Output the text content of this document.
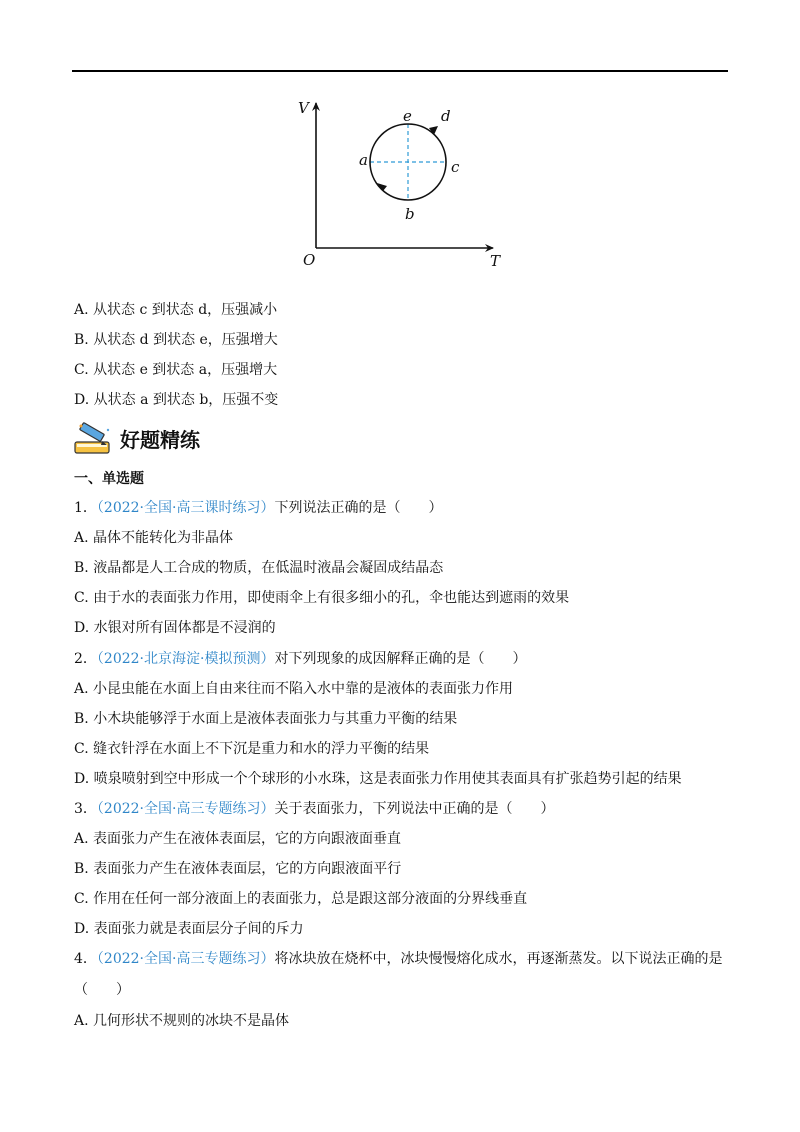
V
O	T
e d
a	c
b
A. 从状态 c 到状态 d，压强减小
B. 从状态 d 到状态 e，压强增大
C. 从状态 e 到状态 a，压强增大
D. 从状态 a 到状态 b，压强不变
好题精练
一、单选题
1．（2022·全国·高三课时练习）下列说法正确的是（　　）
A. 晶体不能转化为非晶体
B. 液晶都是人工合成的物质，在低温时液晶会凝固成结晶态
C. 由于水的表面张力作用，即使雨伞上有很多细小的孔，伞也能达到遮雨的效果
D. 水银对所有固体都是不浸润的
2．（2022·北京海淀·模拟预测）对下列现象的成因解释正确的是（　　）
A. 小昆虫能在水面上自由来往而不陷入水中靠的是液体的表面张力作用
B. 小木块能够浮于水面上是液体表面张力与其重力平衡的结果
C. 缝衣针浮在水面上不下沉是重力和水的浮力平衡的结果
D. 喷泉喷射到空中形成一个个球形的小水珠，这是表面张力作用使其表面具有扩张趋势引起的结果
3．（2022·全国·高三专题练习）关于表面张力，下列说法中正确的是（　　）
A. 表面张力产生在液体表面层，它的方向跟液面垂直
B. 表面张力产生在液体表面层，它的方向跟液面平行
C. 作用在任何一部分液面上的表面张力，总是跟这部分液面的分界线垂直
D. 表面张力就是表面层分子间的斥力
4．（2022·全国·高三专题练习）将冰块放在烧杯中，冰块慢慢熔化成水，再逐渐蒸发。以下说法正确的是
（　　）
A. 几何形状不规则的冰块不是晶体
